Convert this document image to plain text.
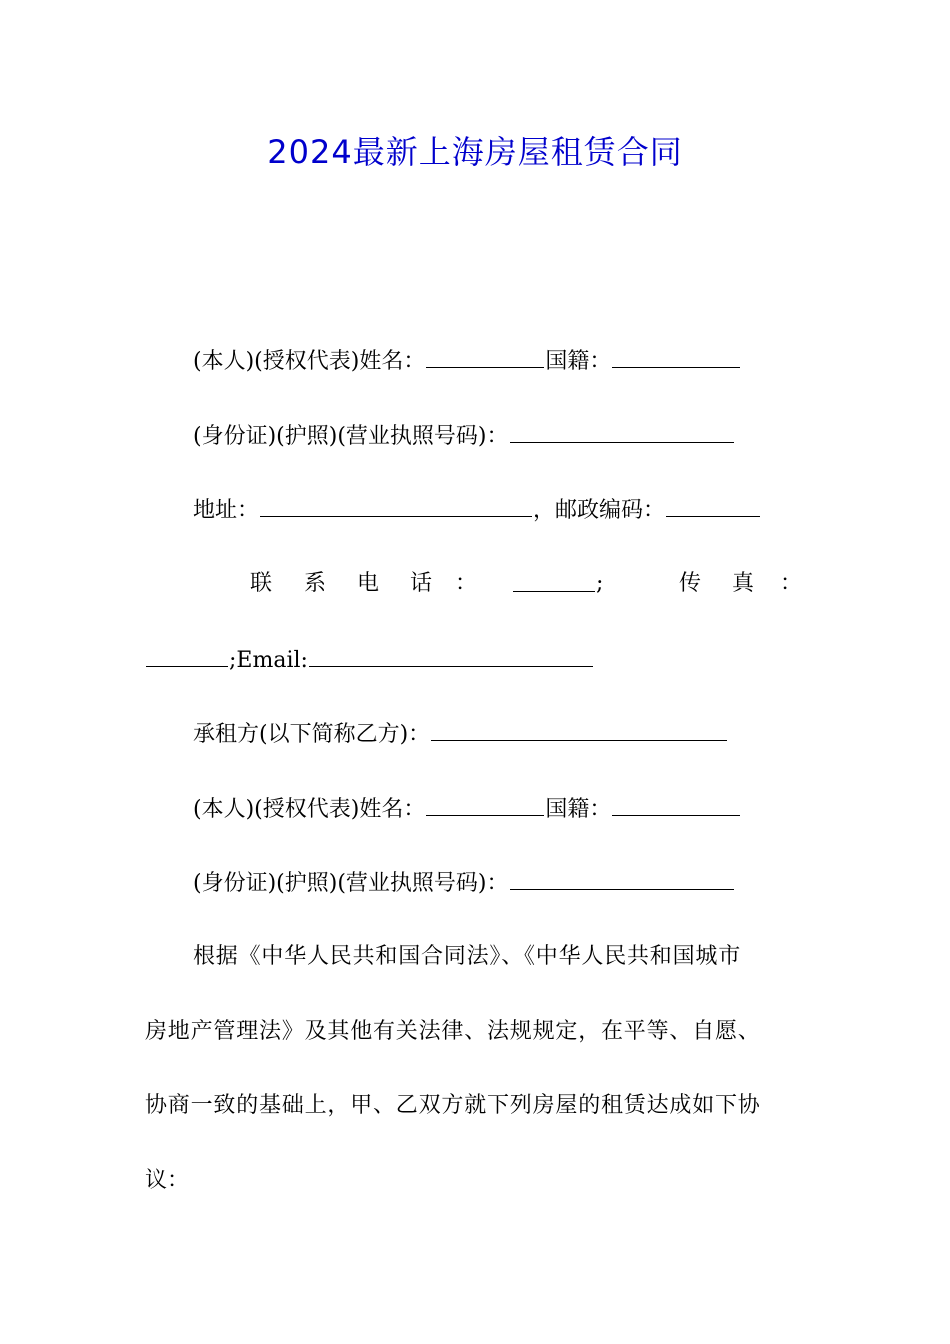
2024最新上海房屋租赁合同
(本人)(授权代表)姓名：	国籍：
(身份证)(护照)(营业执照号码)：
地址：	，邮政编码：
联 系 电 话 ：	;	传 真 ：
;Email:
承租方(以下简称乙方)：
(本人)(授权代表)姓名：	国籍：
(身份证)(护照)(营业执照号码)：
根据《中华人民共和国合同法》、《中华人民共和国城市
房地产管理法》及其他有关法律、法规规定，在平等、自愿、
协商一致的基础上，甲、乙双方就下列房屋的租赁达成如下协
议：
